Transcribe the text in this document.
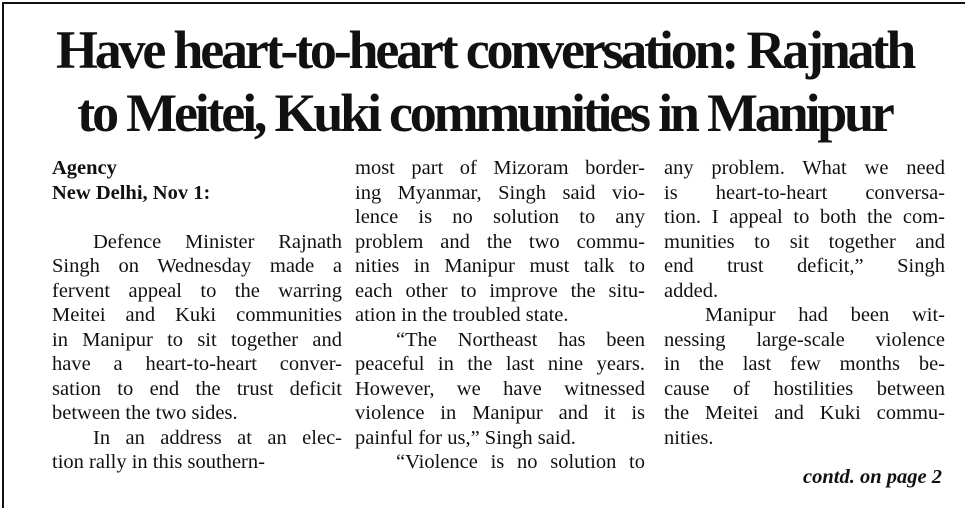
Have heart-to-heart conversation: Rajnath
to Meitei, Kuki communities in Manipur
Agency
New Delhi, Nov 1:
  Defence Minister Rajnath
Singh on Wednesday made a
fervent appeal to the warring
Meitei and Kuki communities
in Manipur to sit together and
have a heart-to-heart conver-
sation to end the trust deficit
between the two sides.
  In an address at an elec-
tion rally in this southern-
most part of Mizoram border-
ing Myanmar, Singh said vio-
lence is no solution to any
problem and the two commu-
nities in Manipur must talk to
each other to improve the situ-
ation in the troubled state.
  “The Northeast has been
peaceful in the last nine years.
However, we have witnessed
violence in Manipur and it is
painful for us,” Singh said.
  “Violence is no solution to
any problem. What we need
is heart-to-heart conversa-
tion. I appeal to both the com-
munities to sit together and
end trust deficit,” Singh
added.
  Manipur had been wit-
nessing large-scale violence
in the last few months be-
cause of hostilities between
the Meitei and Kuki commu-
nities.
contd. on page 2
